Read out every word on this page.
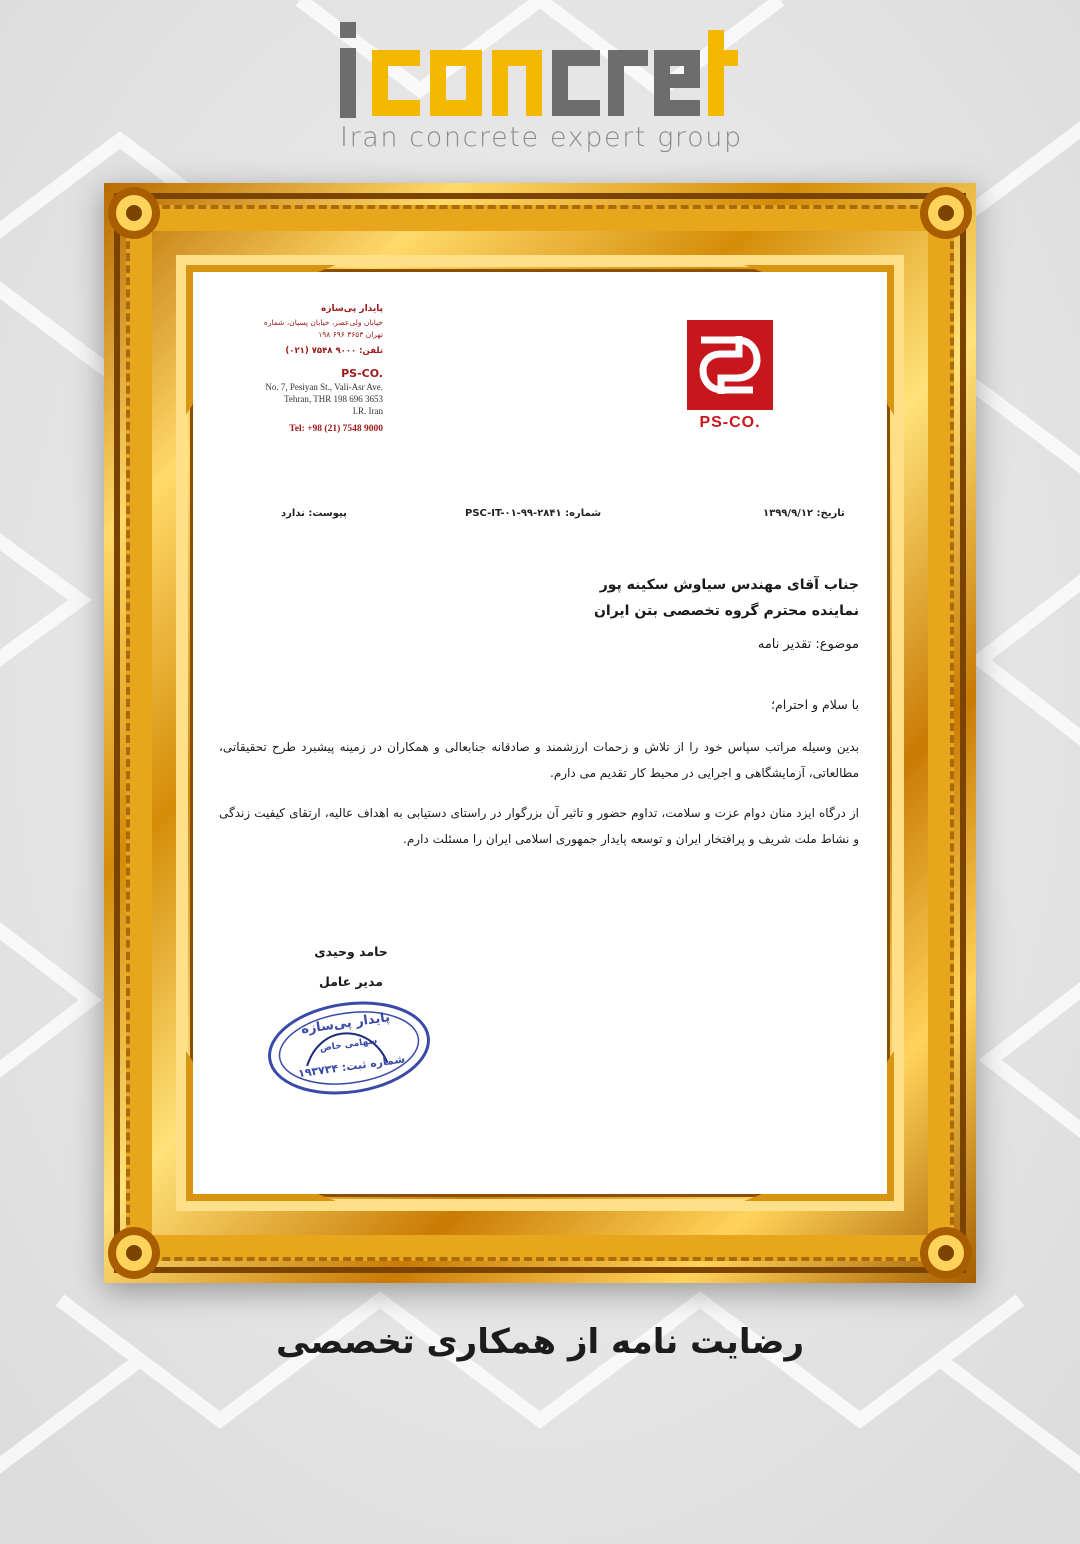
Iran concrete expert group
پایدار پی‌سازه
خیابان ولی‌عصر، خیابان پسیان، شماره
تهران ۳۶۵۳ ۶۹۶ ۱۹۸
تلفن: ۹۰۰۰ ۷۵۴۸ (۰۲۱)
PS-CO.
No. 7, Pesiyan St., Vali-Asr Ave.
Tehran, THR 198 696 3653
I.R. Iran
Tel: +98 (21) 7548 9000	PS-CO.
تاریخ: ۱۳۹۹/۹/۱۲
شماره: PSC-IT-۰۱-۹۹-۲۸۴۱
پیوست: ندارد
جناب آقای مهندس سیاوش سکینه پور
نماینده محترم گروه تخصصی بتن ایران
موضوع: تقدیر نامه
با سلام و احترام؛
بدین وسیله مراتب سپاس خود را از تلاش و زحمات ارزشمند و صادقانه جنابعالی و همکاران در زمینه پیشبرد طرح تحقیقاتی، مطالعاتی، آزمایشگاهی و اجرایی در محیط کار تقدیم می دارم.
از درگاه ایزد منان دوام عزت و سلامت، تداوم حضور و تاثیر آن بزرگوار در راستای دستیابی به اهداف عالیه، ارتقای کیفیت زندگی و نشاط ملت شریف و پرافتخار ایران و توسعه پایدار جمهوری اسلامی ایران را مسئلت دارم.
حامد وحیدی
مدیر عامل
پایدار پی‌سازه
سهامی خاص
شماره ثبت: ۱۹۳۷۳۴
رضایت نامه از همکاری تخصصی
